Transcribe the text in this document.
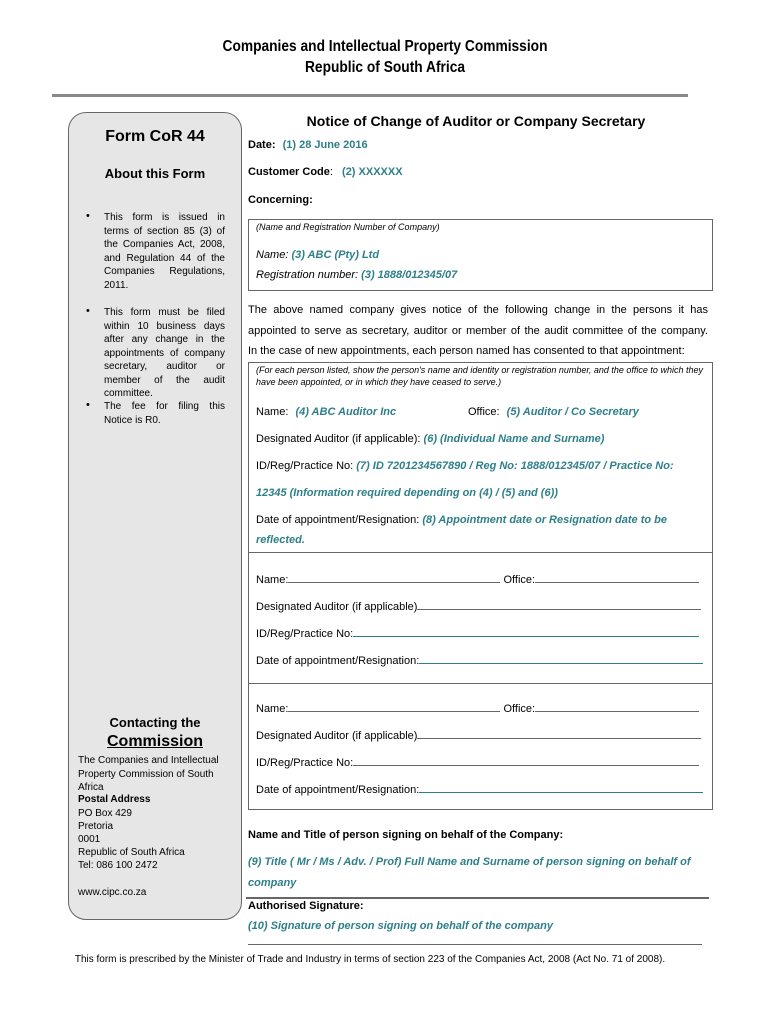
Companies and Intellectual Property Commission
Republic of South Africa
Notice of Change of Auditor or Company Secretary
Form CoR 44
About this Form
• This form is issued in terms of section 85 (3) of the Companies Act, 2008, and Regulation 44 of the Companies Regulations, 2011.
• This form must be filed within 10 business days after any change in the appointments of company secretary, auditor or member of the audit committee.
• The fee for filing this Notice is R0.
Contacting the
Commission
The Companies and Intellectual Property Commission of South Africa
Postal Address
PO Box 429
Pretoria
0001
Republic of South Africa
Tel: 086 100 2472
www.cipc.co.za
Date: (1) 28 June 2016
Customer Code: (2) XXXXXX
Concerning:
(Name and Registration Number of Company)
Name: (3) ABC (Pty) Ltd
Registration number: (3) 1888/012345/07
The above named company gives notice of the following change in the persons it has
appointed to serve as secretary, auditor or member of the audit committee of the company.
In the case of new appointments, each person named has consented to that appointment:
(For each person listed, show the person's name and identity or registration number, and the office to which they have been appointed, or in which they have ceased to serve.)
Name: (4) ABC Auditor Inc	Office: (5) Auditor / Co Secretary
Designated Auditor (if applicable): (6) (Individual Name and Surname)
ID/Reg/Practice No: (7) ID 7201234567890 / Reg No: 1888/012345/07 / Practice No:
12345 (Information required depending on (4) / (5) and (6))
Date of appointment/Resignation: (8) Appointment date or Resignation date to be
reflected.
Name:	Office:
Designated Auditor (if applicable)
ID/Reg/Practice No:
Date of appointment/Resignation:
Name:	Office:
Designated Auditor (if applicable)
ID/Reg/Practice No:
Date of appointment/Resignation:
Name and Title of person signing on behalf of the Company:
(9) Title ( Mr / Ms / Adv. / Prof) Full Name and Surname of person signing on behalf of
company
Authorised Signature:
(10) Signature of person signing on behalf of the company
This form is prescribed by the Minister of Trade and Industry in terms of section 223 of the Companies Act, 2008 (Act No. 71 of 2008).
